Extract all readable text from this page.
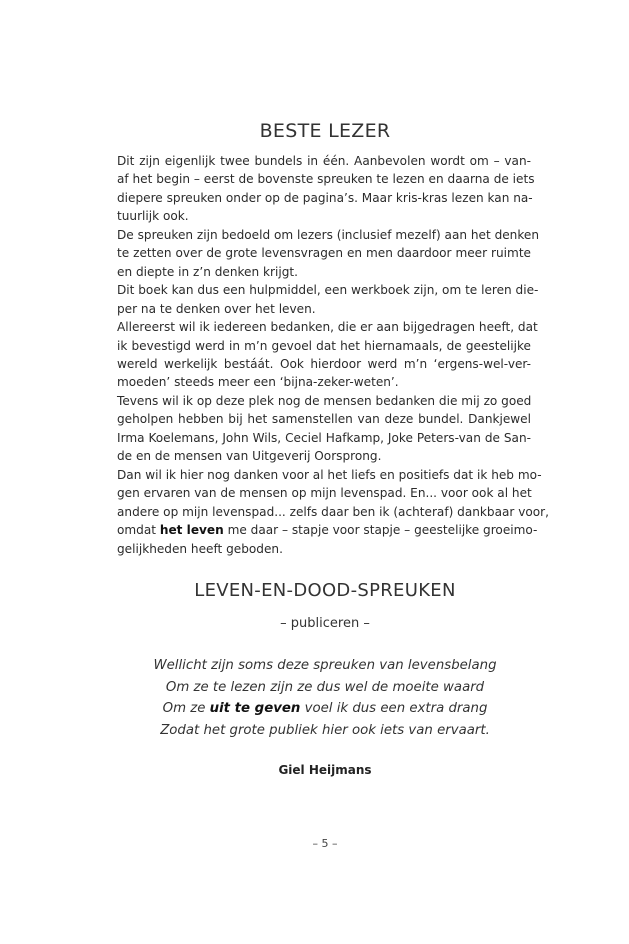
BESTE LEZER
Dit zijn eigenlijk twee bundels in één. Aanbevolen wordt om – van-
af het begin – eerst de bovenste spreuken te lezen en daarna de iets
diepere spreuken onder op de pagina’s. Maar kris-kras lezen kan na-
tuurlijk ook.
De spreuken zijn bedoeld om lezers (inclusief mezelf) aan het denken
te zetten over de grote levensvragen en men daardoor meer ruimte
en diepte in z’n denken krijgt.
Dit boek kan dus een hulpmiddel, een werkboek zijn, om te leren die-
per na te denken over het leven.
Allereerst wil ik iedereen bedanken, die er aan bijgedragen heeft, dat
ik bevestigd werd in m’n gevoel dat het hiernamaals, de geestelijke
wereld werkelijk bestáát. Ook hierdoor werd m’n ‘ergens-wel-ver-
moeden’ steeds meer een ‘bijna-zeker-weten’.
Tevens wil ik op deze plek nog de mensen bedanken die mij zo goed
geholpen hebben bij het samenstellen van deze bundel. Dankjewel
Irma Koelemans, John Wils, Ceciel Hafkamp, Joke Peters-van de San-
de en de mensen van Uitgeverij Oorsprong.
Dan wil ik hier nog danken voor al het liefs en positiefs dat ik heb mo-
gen ervaren van de mensen op mijn levenspad. En... voor ook al het
andere op mijn levenspad... zelfs daar ben ik (achteraf) dankbaar voor,
omdat het leven me daar – stapje voor stapje – geestelijke groeimo-
gelijkheden heeft geboden.
LEVEN-EN-DOOD-SPREUKEN
– publiceren –
Wellicht zijn soms deze spreuken van levensbelang
Om ze te lezen zijn ze dus wel de moeite waard
Om ze uit te geven voel ik dus een extra drang
Zodat het grote publiek hier ook iets van ervaart.
Giel Heijmans
– 5 –
